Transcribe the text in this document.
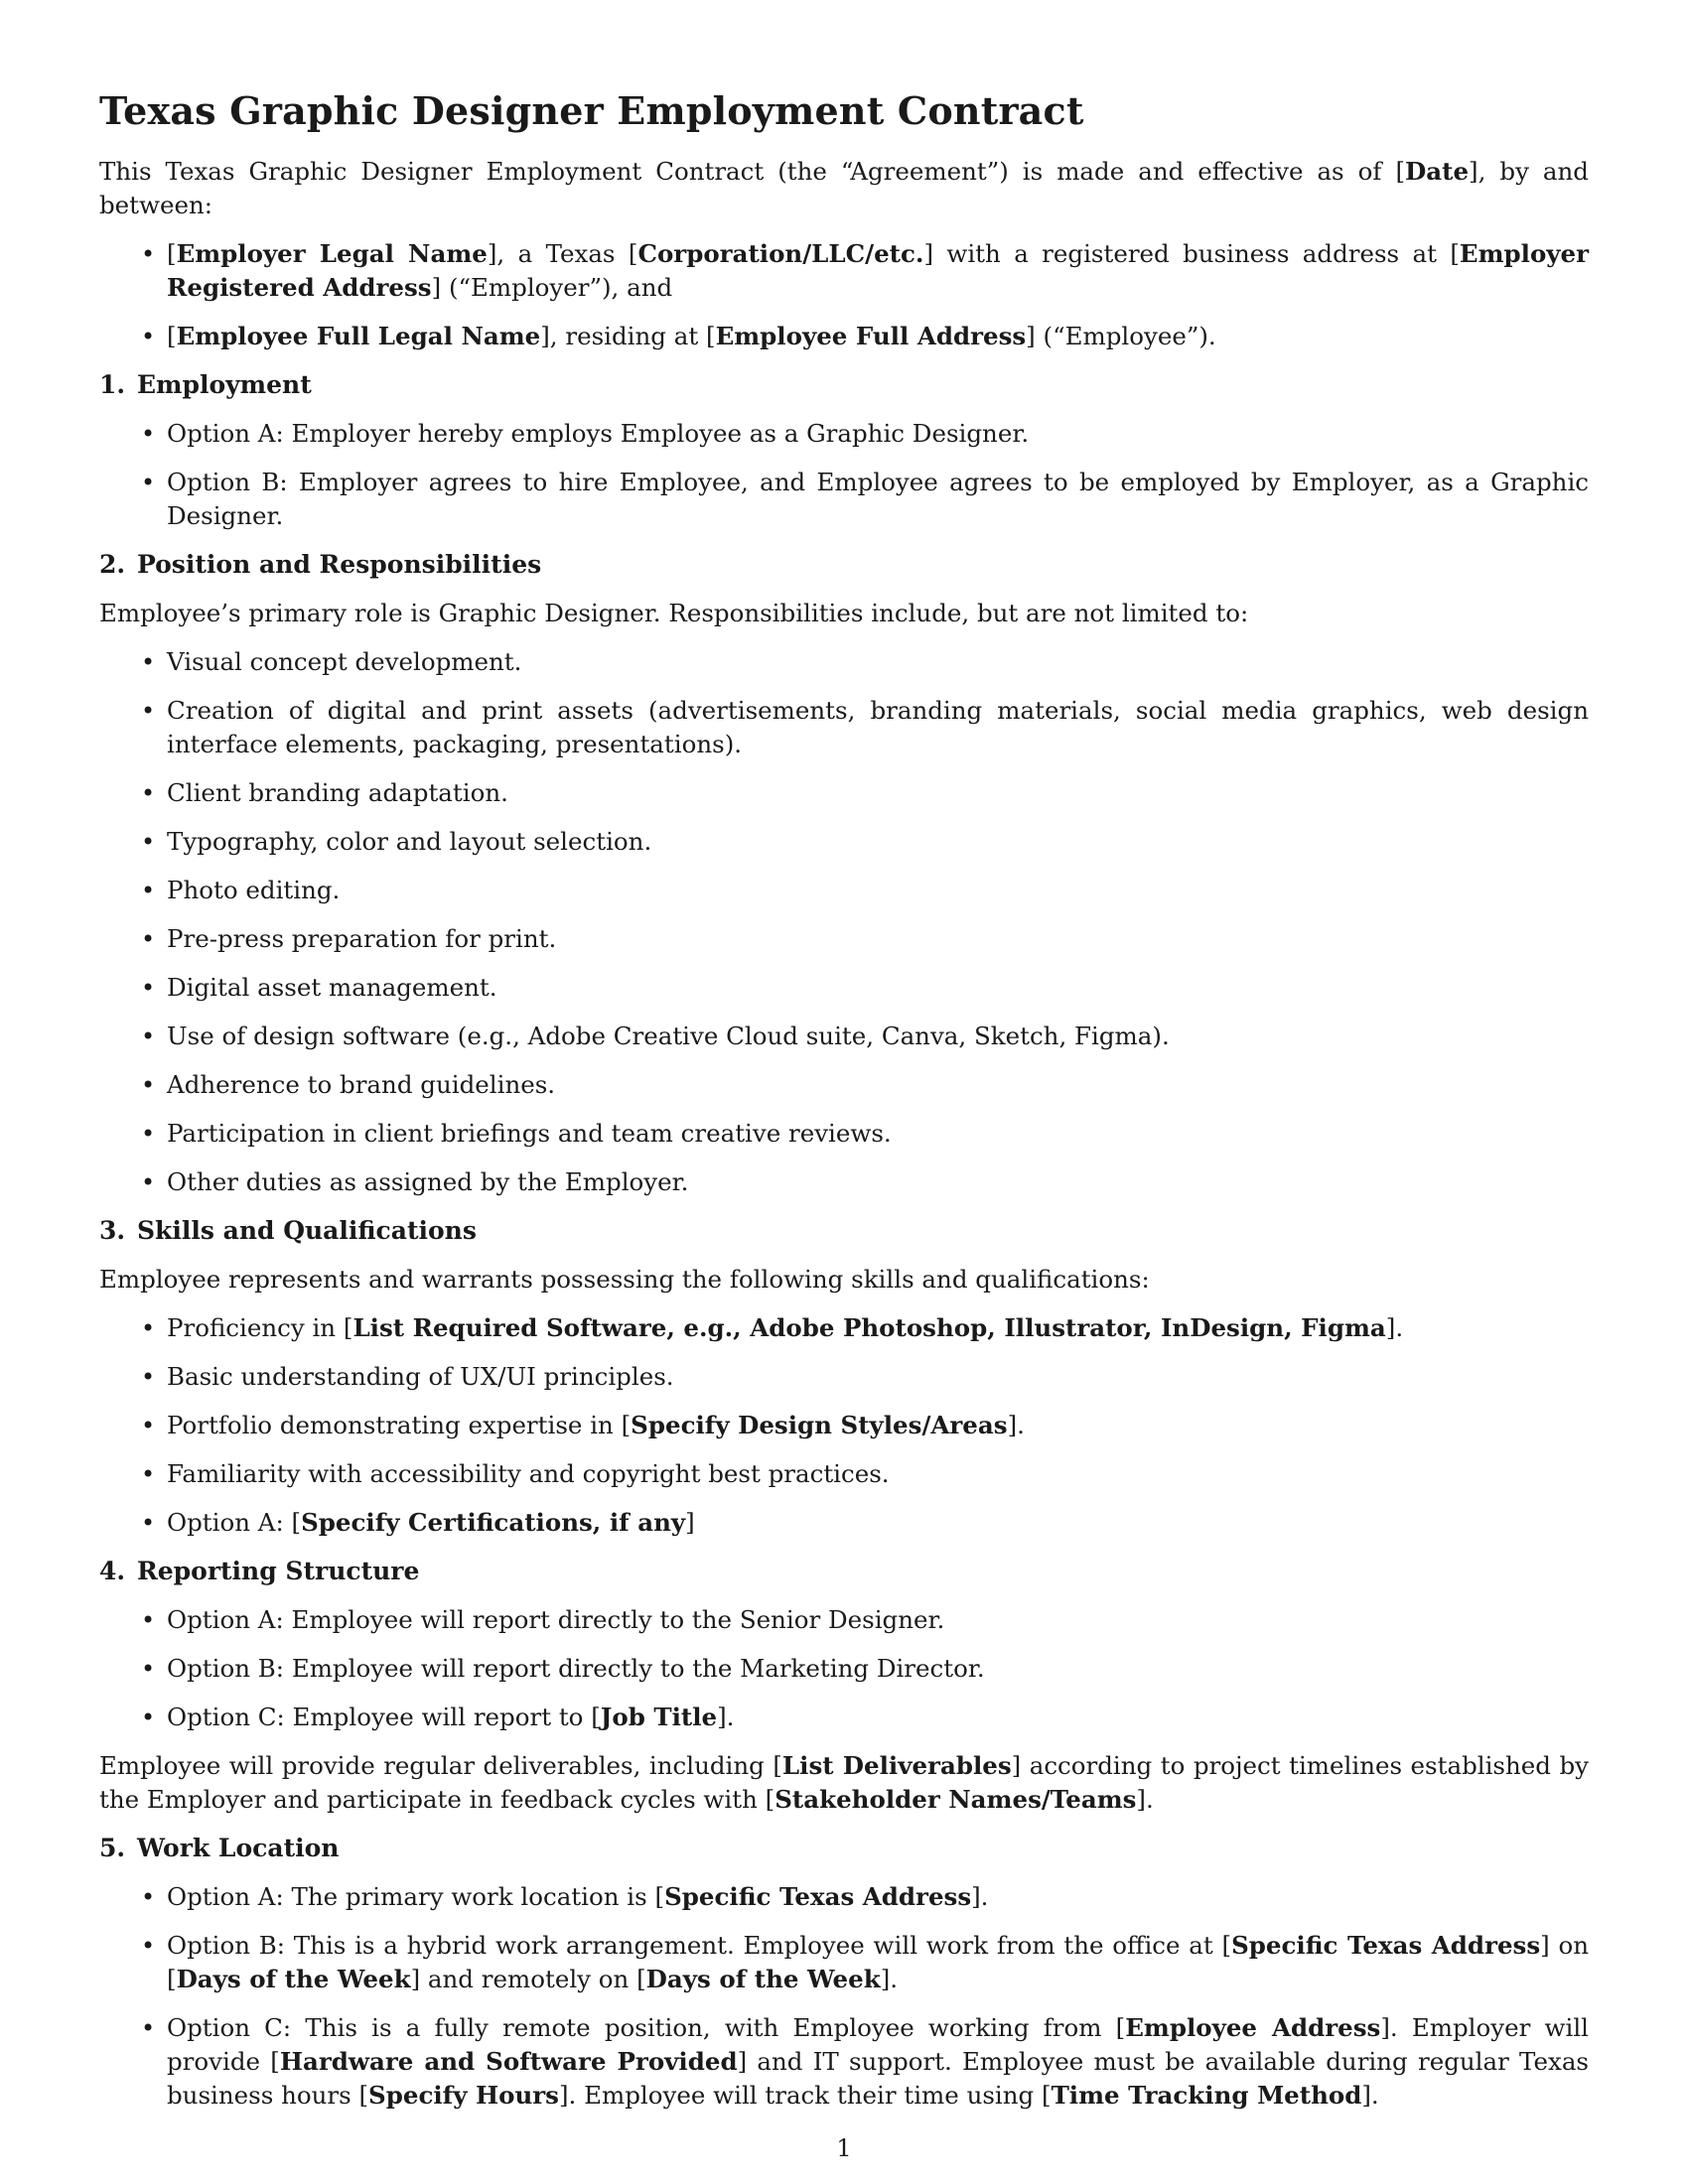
Texas Graphic Designer Employment Contract

This Texas Graphic Designer Employment Contract (the “Agreement”) is made and effective as of [Date], by and between:

• [Employer Legal Name], a Texas [Corporation/LLC/etc.] with a registered business address at [Employer Registered Address] (“Employer”), and
• [Employee Full Legal Name], residing at [Employee Full Address] (“Employee”).
1. Employment
• Option A: Employer hereby employs Employee as a Graphic Designer.
• Option B: Employer agrees to hire Employee, and Employee agrees to be employed by Employer, as a Graphic Designer.
2. Position and Responsibilities

Employee’s primary role is Graphic Designer. Responsibilities include, but are not limited to:

• Visual concept development.
• Creation of digital and print assets (advertisements, branding materials, social media graphics, web design interface elements, packaging, presentations).
• Client branding adaptation.
• Typography, color and layout selection.
• Photo editing.
• Pre-press preparation for print.
• Digital asset management.
• Use of design software (e.g., Adobe Creative Cloud suite, Canva, Sketch, Figma).
• Adherence to brand guidelines.
• Participation in client briefings and team creative reviews.
• Other duties as assigned by the Employer.
3. Skills and Qualifications

Employee represents and warrants possessing the following skills and qualifications:

• Proficiency in [List Required Software, e.g., Adobe Photoshop, Illustrator, InDesign, Figma].
• Basic understanding of UX/UI principles.
• Portfolio demonstrating expertise in [Specify Design Styles/Areas].
• Familiarity with accessibility and copyright best practices.
• Option A: [Specify Certifications, if any]
4. Reporting Structure
• Option A: Employee will report directly to the Senior Designer.
• Option B: Employee will report directly to the Marketing Director.
• Option C: Employee will report to [Job Title].

Employee will provide regular deliverables, including [List Deliverables] according to project timelines established by the Employer and participate in feedback cycles with [Stakeholder Names/Teams].

5. Work Location
• Option A: The primary work location is [Specific Texas Address].
• Option B: This is a hybrid work arrangement. Employee will work from the office at [Specific Texas Address] on [Days of the Week] and remotely on [Days of the Week].
• Option C: This is a fully remote position, with Employee working from [Employee Address]. Employer will provide [Hardware and Software Provided] and IT support. Employee must be available during regular Texas business hours [Specify Hours]. Employee will track their time using [Time Tracking Method].
1
